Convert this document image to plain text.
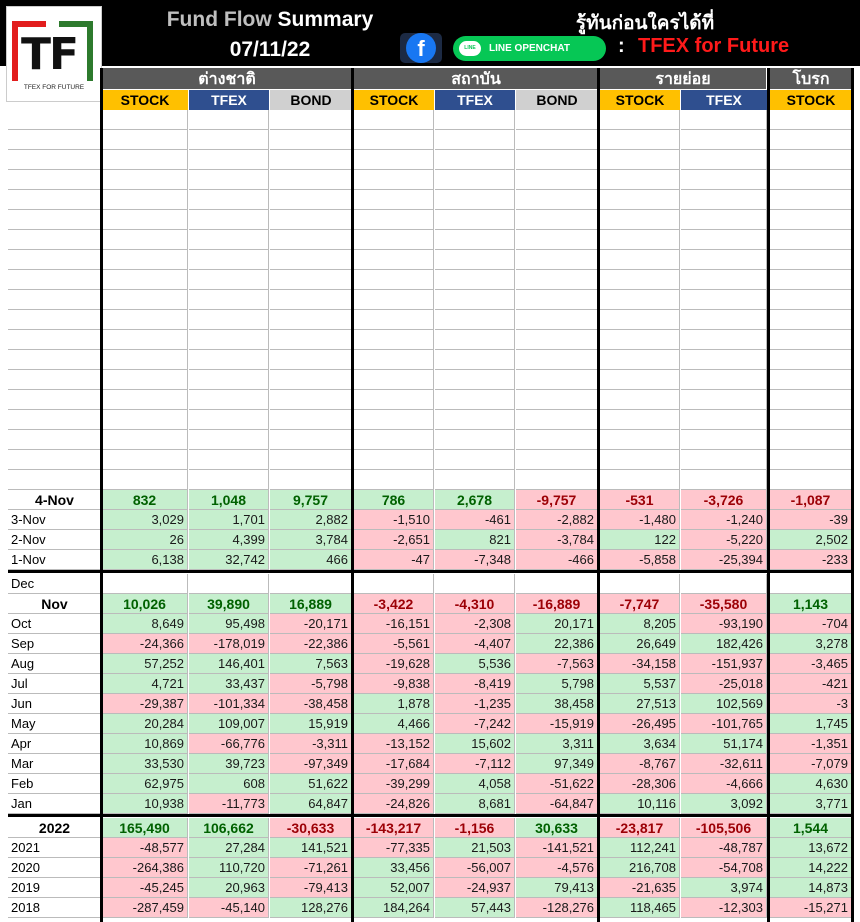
Fund Flow Summary
07/11/22
รู้ทันก่อนใครได้ที่
f	LINE	LINE OPENCHAT : TFEX for Future
TF
TFEX FOR FUTURE	ต่างชาติ	สถาบัน	รายย่อย	โบรก
STOCK	TFEX	BOND	STOCK	TFEX	BOND	STOCK	TFEX	STOCK
4-Nov	832	1,048	9,757	786	2,678	-9,757	-531	-3,726	-1,087
3-Nov	3,029	1,701	2,882	-1,510	-461	-2,882	-1,480	-1,240	-39
2-Nov	26	4,399	3,784	-2,651	821	-3,784	122	-5,220	2,502
1-Nov	6,138	32,742	466	-47	-7,348	-466	-5,858	-25,394	-233
Dec
Nov	10,026	39,890	16,889	-3,422	-4,310	-16,889	-7,747	-35,580	1,143
Oct	8,649	95,498	-20,171	-16,151	-2,308	20,171	8,205	-93,190	-704
Sep	-24,366	-178,019	-22,386	-5,561	-4,407	22,386	26,649	182,426	3,278
Aug	57,252	146,401	7,563	-19,628	5,536	-7,563	-34,158	-151,937	-3,465
Jul	4,721	33,437	-5,798	-9,838	-8,419	5,798	5,537	-25,018	-421
Jun	-29,387	-101,334	-38,458	1,878	-1,235	38,458	27,513	102,569	-3
May	20,284	109,007	15,919	4,466	-7,242	-15,919	-26,495	-101,765	1,745
Apr	10,869	-66,776	-3,311	-13,152	15,602	3,311	3,634	51,174	-1,351
Mar	33,530	39,723	-97,349	-17,684	-7,112	97,349	-8,767	-32,611	-7,079
Feb	62,975	608	51,622	-39,299	4,058	-51,622	-28,306	-4,666	4,630
Jan	10,938	-11,773	64,847	-24,826	8,681	-64,847	10,116	3,092	3,771
2022	165,490	106,662	-30,633	-143,217	-1,156	30,633	-23,817	-105,506	1,544
2021	-48,577	27,284	141,521	-77,335	21,503	-141,521	112,241	-48,787	13,672
2020	-264,386	110,720	-71,261	33,456	-56,007	-4,576	216,708	-54,708	14,222
2019	-45,245	20,963	-79,413	52,007	-24,937	79,413	-21,635	3,974	14,873
2018	-287,459	-45,140	128,276	184,264	57,443	-128,276	118,465	-12,303	-15,271
